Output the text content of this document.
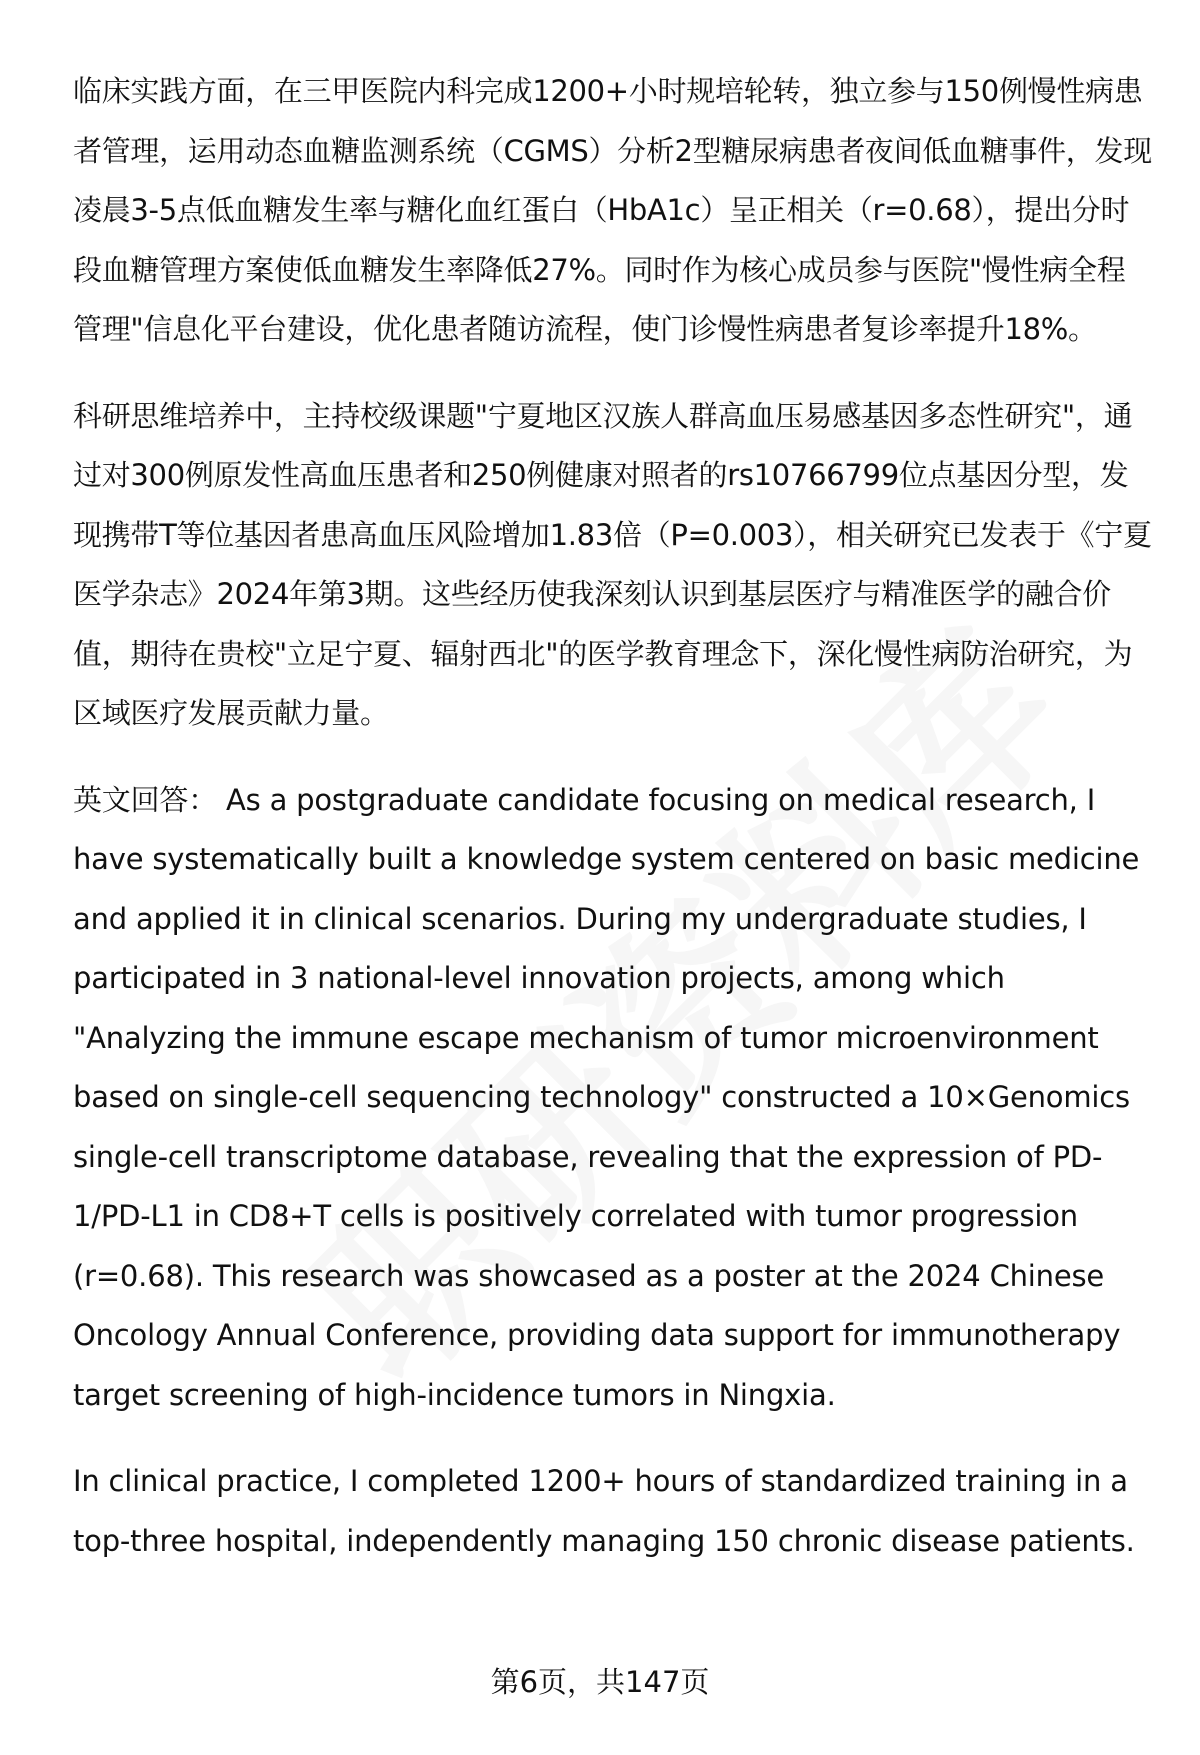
临床实践方面，在三甲医院内科完成1200+小时规培轮转，独立参与150例慢性病患者管理，运用动态血糖监测系统（CGMS）分析2型糖尿病患者夜间低血糖事件，发现凌晨3-5点低血糖发生率与糖化血红蛋白（HbA1c）呈正相关（r=0.68），提出分时段血糖管理方案使低血糖发生率降低27%。同时作为核心成员参与医院"慢性病全程管理"信息化平台建设，优化患者随访流程，使门诊慢性病患者复诊率提升18%。

科研思维培养中，主持校级课题"宁夏地区汉族人群高血压易感基因多态性研究"，通过对300例原发性高血压患者和250例健康对照者的rs10766799位点基因分型，发现携带T等位基因者患高血压风险增加1.83倍（P=0.003），相关研究已发表于《宁夏医学杂志》2024年第3期。这些经历使我深刻认识到基层医疗与精准医学的融合价值，期待在贵校"立足宁夏、辐射西北"的医学教育理念下，深化慢性病防治研究，为区域医疗发展贡献力量。

英文回答： As a postgraduate candidate focusing on medical research, I have systematically built a knowledge system centered on basic medicine and applied it in clinical scenarios. During my undergraduate studies, I participated in 3 national-level innovation projects, among which "Analyzing the immune escape mechanism of tumor microenvironment based on single-cell sequencing technology" constructed a 10×Genomics single-cell transcriptome database, revealing that the expression of PD-1/PD-L1 in CD8+T cells is positively correlated with tumor progression (r=0.68). This research was showcased as a poster at the 2024 Chinese Oncology Annual Conference, providing data support for immunotherapy target screening of high-incidence tumors in Ningxia.

In clinical practice, I completed 1200+ hours of standardized training in a top-three hospital, independently managing 150 chronic disease patients.

第6页，共147页
